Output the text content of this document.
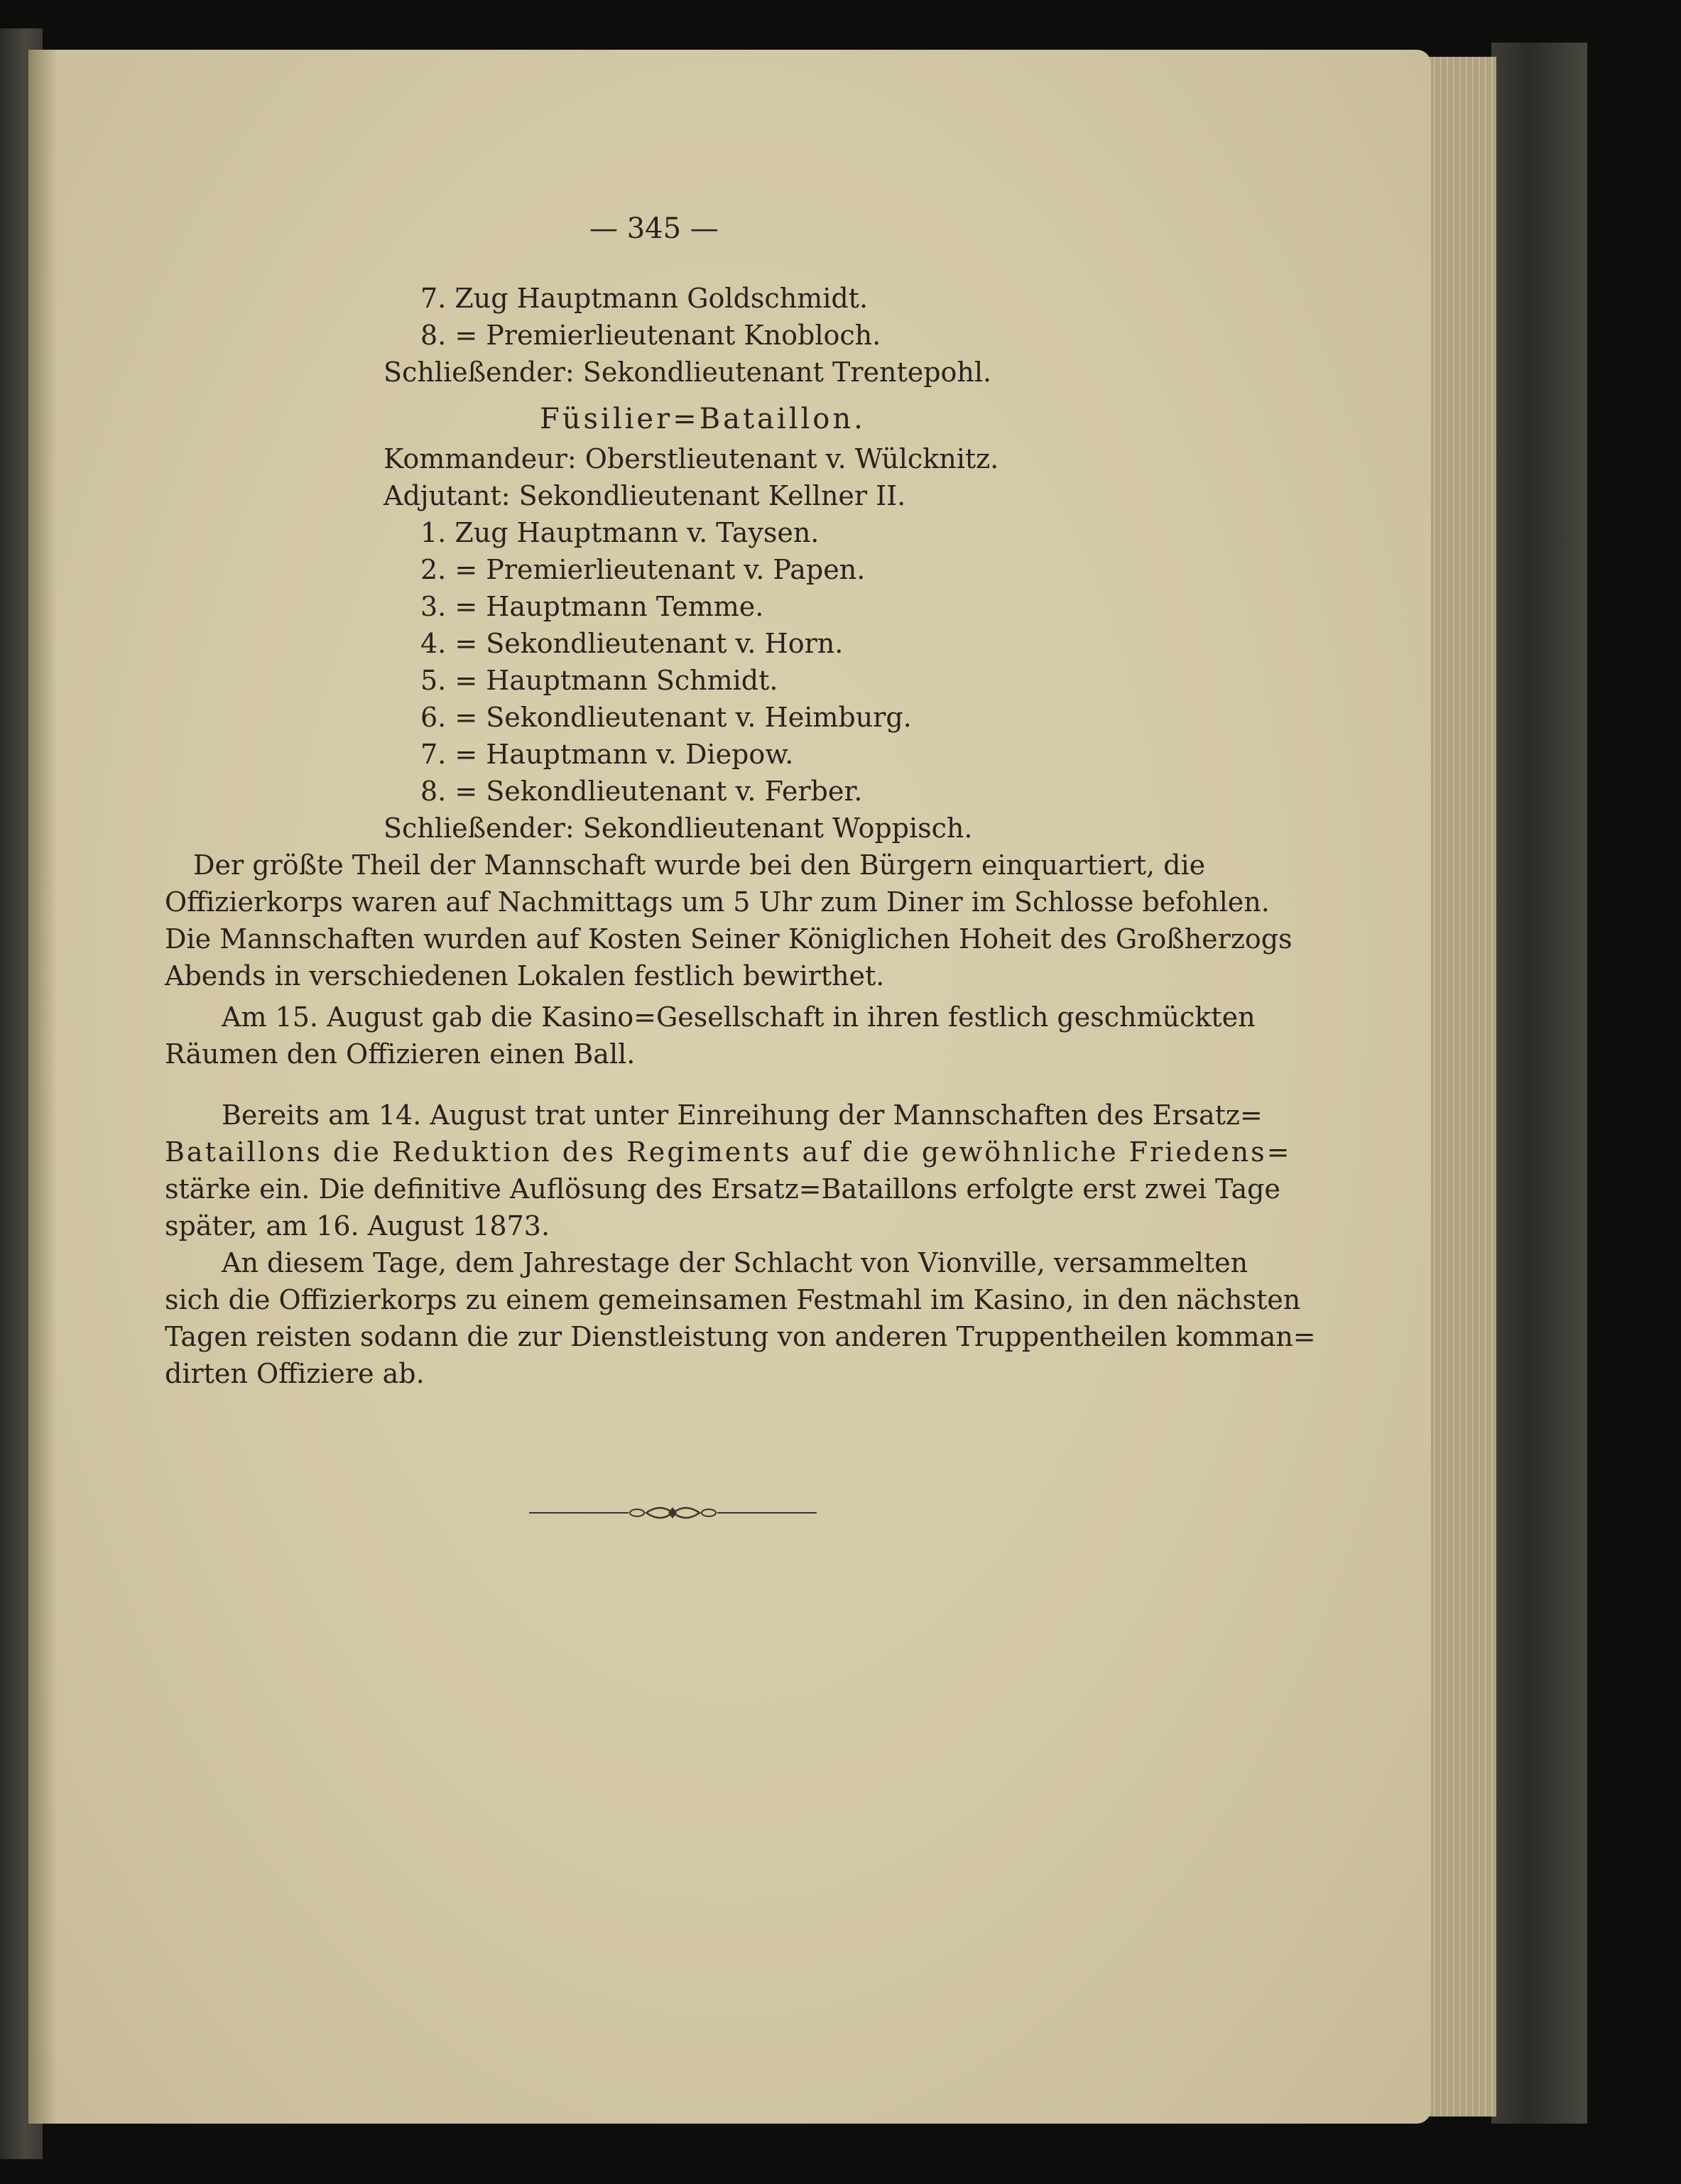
— 345 —
7. Zug Hauptmann Goldschmidt.
8. = Premierlieutenant Knobloch.
Schließender: Sekondlieutenant Trentepohl.
Füsilier=Bataillon.
Kommandeur: Oberstlieutenant v. Wülcknitz.
Adjutant: Sekondlieutenant Kellner II.
1. Zug Hauptmann v. Taysen.
2. = Premierlieutenant v. Papen.
3. = Hauptmann Temme.
4. = Sekondlieutenant v. Horn.
5. = Hauptmann Schmidt.
6. = Sekondlieutenant v. Heimburg.
7. = Hauptmann v. Diepow.
8. = Sekondlieutenant v. Ferber.
Schließender: Sekondlieutenant Woppisch.
Der größte Theil der Mannschaft wurde bei den Bürgern einquartiert, die
Offizierkorps waren auf Nachmittags um 5 Uhr zum Diner im Schlosse befohlen.
Die Mannschaften wurden auf Kosten Seiner Königlichen Hoheit des Großherzogs
Abends in verschiedenen Lokalen festlich bewirthet.
Am 15. August gab die Kasino=Gesellschaft in ihren festlich geschmückten
Räumen den Offizieren einen Ball.
Bereits am 14. August trat unter Einreihung der Mannschaften des Ersatz=
Bataillons die Reduktion des Regiments auf die gewöhnliche Friedens=
stärke ein. Die definitive Auflösung des Ersatz=Bataillons erfolgte erst zwei Tage
später, am 16. August 1873.
An diesem Tage, dem Jahrestage der Schlacht von Vionville, versammelten
sich die Offizierkorps zu einem gemeinsamen Festmahl im Kasino, in den nächsten
Tagen reisten sodann die zur Dienstleistung von anderen Truppentheilen komman=
dirten Offiziere ab.
